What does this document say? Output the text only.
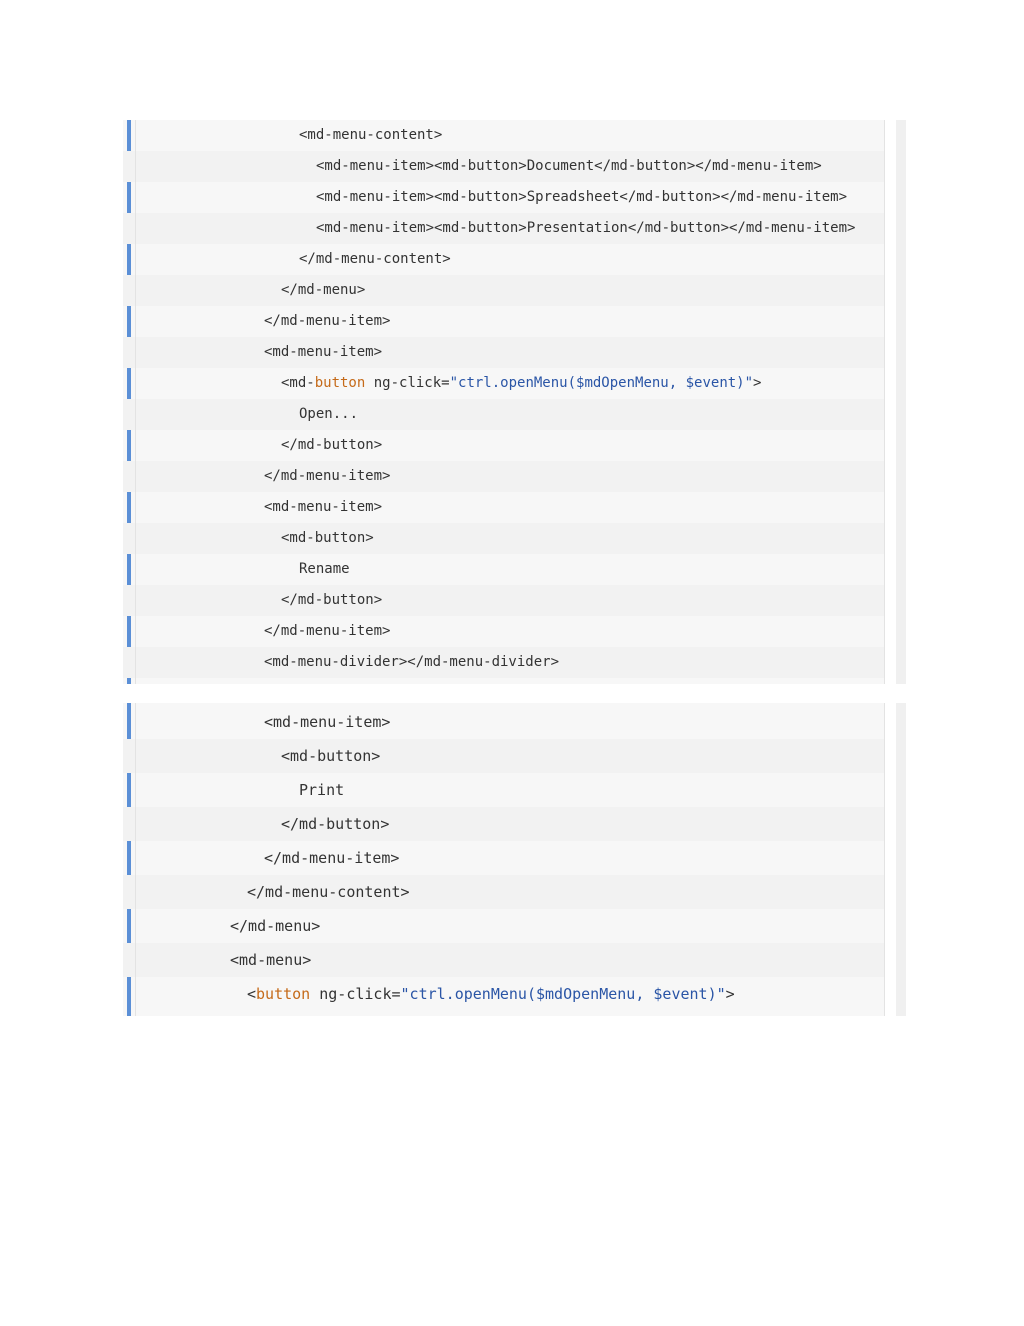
<md-menu-content>
<md-menu-item><md-button>Document</md-button></md-menu-item>
<md-menu-item><md-button>Spreadsheet</md-button></md-menu-item>
<md-menu-item><md-button>Presentation</md-button></md-menu-item>
</md-menu-content>
</md-menu>
</md-menu-item>
<md-menu-item>

<md-button ng-click="ctrl.openMenu($mdOpenMenu, $event)">

Open...
</md-button>
</md-menu-item>
<md-menu-item>
<md-button>
Rename
</md-button>
</md-menu-item>
<md-menu-divider></md-menu-divider>
<md-menu-item>
<md-button>
Print
</md-button>
</md-menu-item>
</md-menu-content>
</md-menu>
<md-menu>

<button ng-click="ctrl.openMenu($mdOpenMenu, $event)">
